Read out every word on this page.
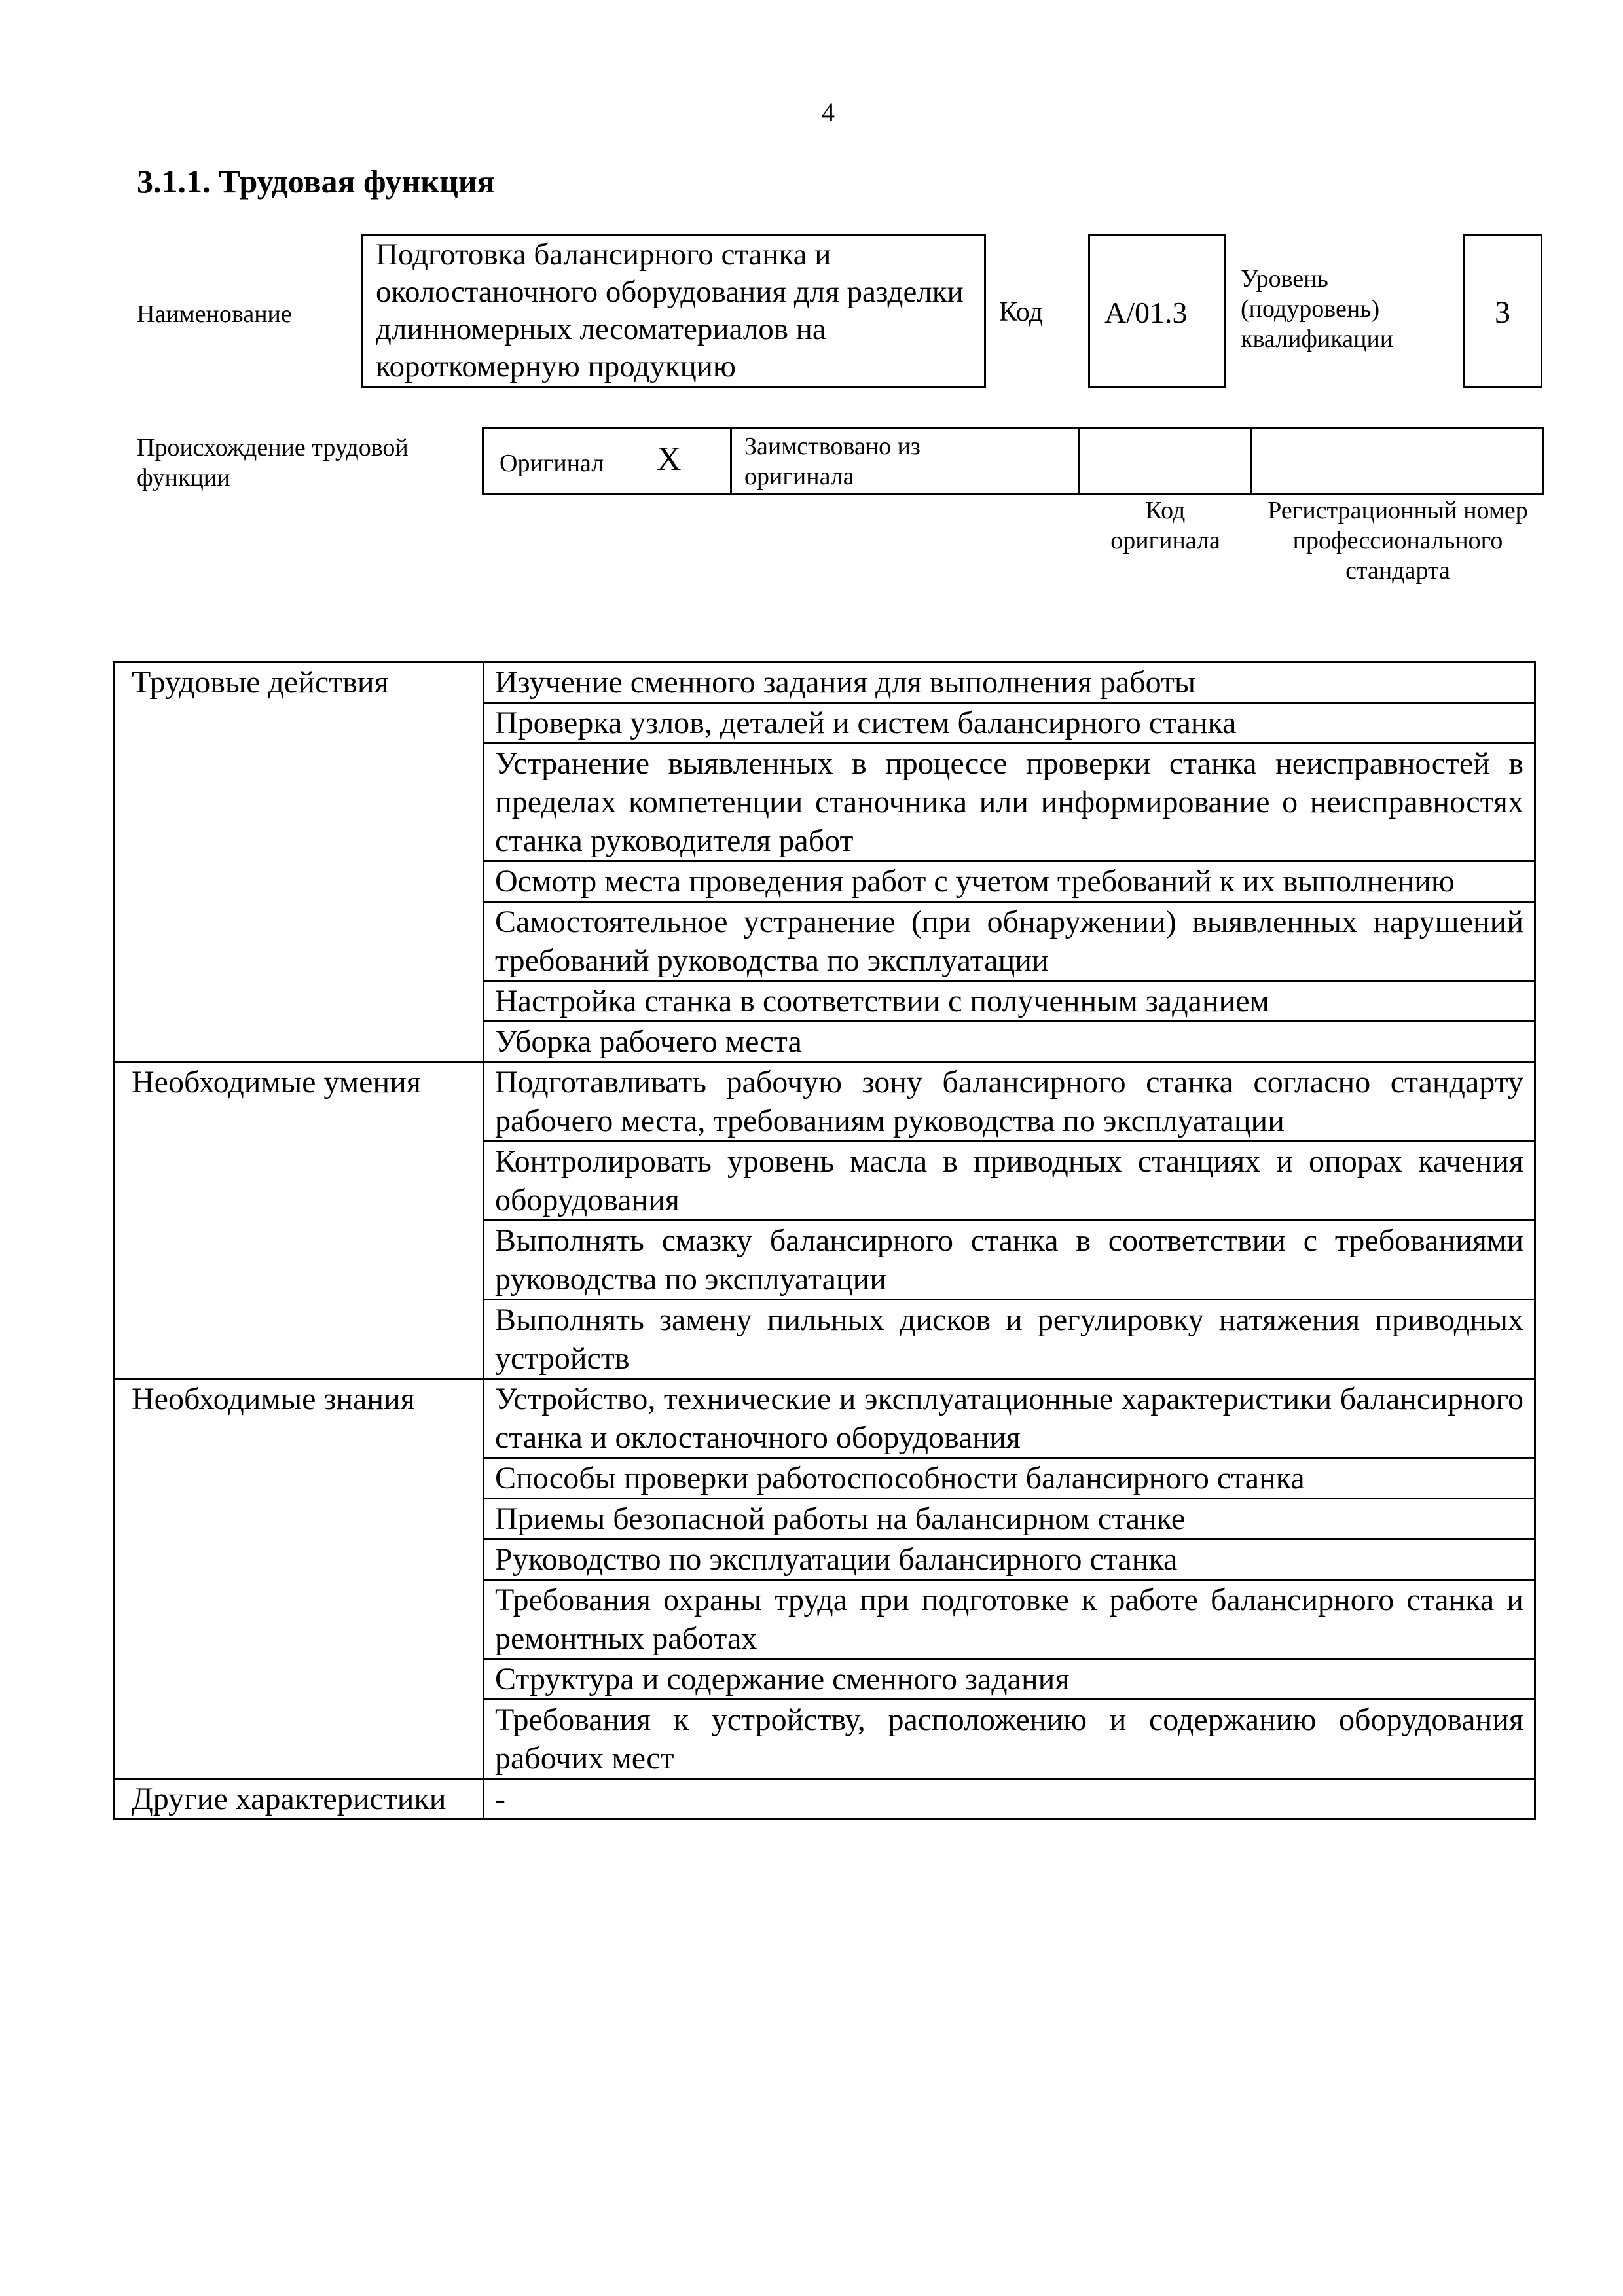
4
3.1.1. Трудовая функция
Наименование
Подготовка балансирного станка и околостаночного оборудования для разделки длинномерных лесоматериалов на короткомерную продукцию
Код А/01.3
Уровень (подуровень) квалификации
3
Происхождение трудовой функции
Оригинал X	Заимствовано из оригинала
Код оригинала
Регистрационный номер профессионального стандарта
Трудовые действия	Изучение сменного задания для выполнения работы
	Проверка узлов, деталей и систем балансирного станка
	Устранение выявленных в процессе проверки станка неисправностей в пределах компетенции станочника или информирование о неисправностях станка руководителя работ
	Осмотр места проведения работ с учетом требований к их выполнению
	Самостоятельное устранение (при обнаружении) выявленных нарушений требований руководства по эксплуатации
	Настройка станка в соответствии с полученным заданием
	Уборка рабочего места
Необходимые умения	Подготавливать рабочую зону балансирного станка согласно стандарту рабочего места, требованиям руководства по эксплуатации
	Контролировать уровень масла в приводных станциях и опорах качения оборудования
	Выполнять смазку балансирного станка в соответствии с требованиями руководства по эксплуатации
	Выполнять замену пильных дисков и регулировку натяжения приводных устройств
Необходимые знания	Устройство, технические и эксплуатационные характеристики балансирного станка и оклостаночного оборудования
	Способы проверки работоспособности балансирного станка
	Приемы безопасной работы на балансирном станке
	Руководство по эксплуатации балансирного станка
	Требования охраны труда при подготовке к работе балансирного станка и ремонтных работах
	Структура и содержание сменного задания
	Требования к устройству, расположению и содержанию оборудования рабочих мест
Другие характеристики	-
